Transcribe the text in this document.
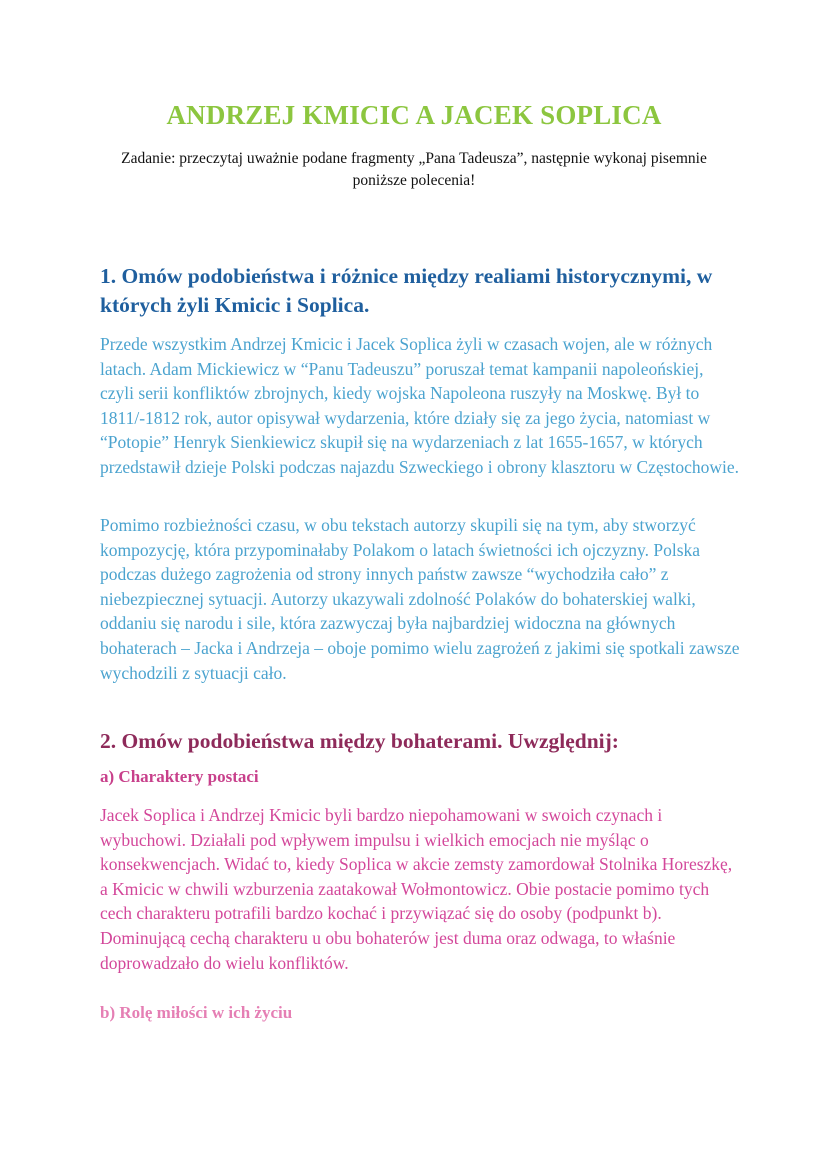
ANDRZEJ KMICIC A JACEK SOPLICA

Zadanie: przeczytaj uważnie podane fragmenty „Pana Tadeusza”, następnie wykonaj pisemnie poniższe polecenia!

1. Omów podobieństwa i różnice między realiami historycznymi, w których żyli Kmicic i Soplica.

Przede wszystkim Andrzej Kmicic i Jacek Soplica żyli w czasach wojen, ale w różnych latach. Adam Mickiewicz w “Panu Tadeuszu” poruszał temat kampanii napoleońskiej, czyli serii konfliktów zbrojnych, kiedy wojska Napoleona ruszyły na Moskwę. Był to 1811/-1812 rok, autor opisywał wydarzenia, które działy się za jego życia, natomiast w “Potopie” Henryk Sienkiewicz skupił się na wydarzeniach z lat 1655-1657, w których przedstawił dzieje Polski podczas najazdu Szweckiego i obrony klasztoru w Częstochowie.

Pomimo rozbieżności czasu, w obu tekstach autorzy skupili się na tym, aby stworzyć kompozycję, która przypominałaby Polakom o latach świetności ich ojczyzny. Polska podczas dużego zagrożenia od strony innych państw zawsze “wychodziła cało” z niebezpiecznej sytuacji. Autorzy ukazywali zdolność Polaków do bohaterskiej walki, oddaniu się narodu i sile, która zazwyczaj była najbardziej widoczna na głównych bohaterach – Jacka i Andrzeja – oboje pomimo wielu zagrożeń z jakimi się spotkali zawsze wychodzili z sytuacji cało.

2. Omów podobieństwa między bohaterami. Uwzględnij:
a) Charaktery postaci

Jacek Soplica i Andrzej Kmicic byli bardzo niepohamowani w swoich czynach i wybuchowi. Działali pod wpływem impulsu i wielkich emocjach nie myśląc o konsekwencjach. Widać to, kiedy Soplica w akcie zemsty zamordował Stolnika Horeszkę, a Kmicic w chwili wzburzenia zaatakował Wołmontowicz. Obie postacie pomimo tych cech charakteru potrafili bardzo kochać i przywiązać się do osoby (podpunkt b). Dominującą cechą charakteru u obu bohaterów jest duma oraz odwaga, to właśnie doprowadzało do wielu konfliktów.

b) Rolę miłości w ich życiu
